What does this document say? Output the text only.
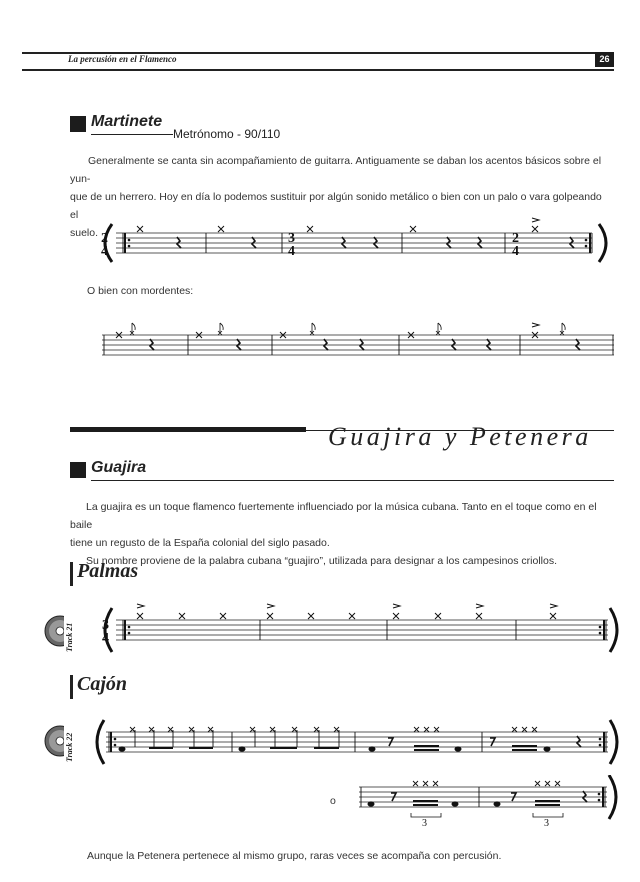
La percusión en el Flamenco	26
Martinete
Metrónomo - 90/110
Generalmente se canta sin acompañamiento de guitarra. Antiguamente se daban los acentos básicos sobre el yun-
que de un herrero. Hoy en día lo podemos sustituir por algún sonido metálico o bien con un palo o vara golpeando el
suelo. 2
4
3
4
2
4
O bien con mordentes:
Guajira y Petenera
Guajira
La guajira es un toque flamenco fuertemente influenciado por la música cubana. Tanto en el toque como en el baile
tiene un regusto de la España colonial del siglo pasado.
Su nombre proviene de la palabra cubana “guajiro”, utilizada para designar a los campesinos criollos.
Palmas
Track 21 3
4
Cajón
Track 22
o
3	3
Aunque la Petenera pertenece al mismo grupo, raras veces se acompaña con percusión.
